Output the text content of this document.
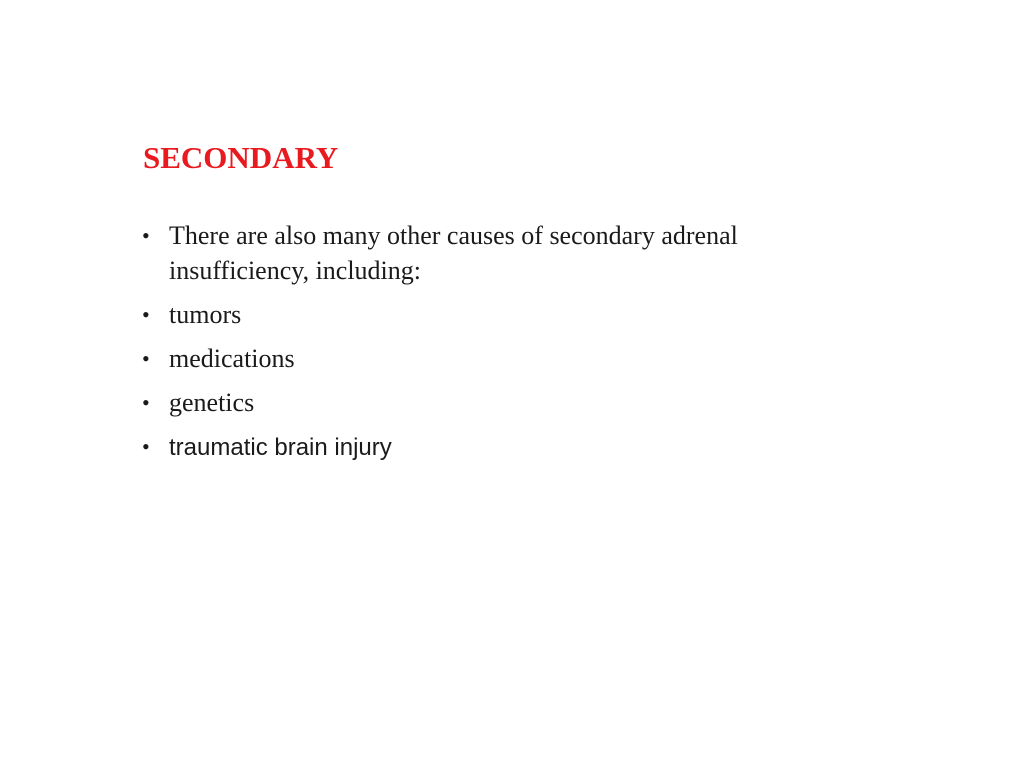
SECONDARY
• There are also many other causes of secondary adrenal insufficiency, including:
• tumors
• medications
• genetics
• traumatic brain injury
